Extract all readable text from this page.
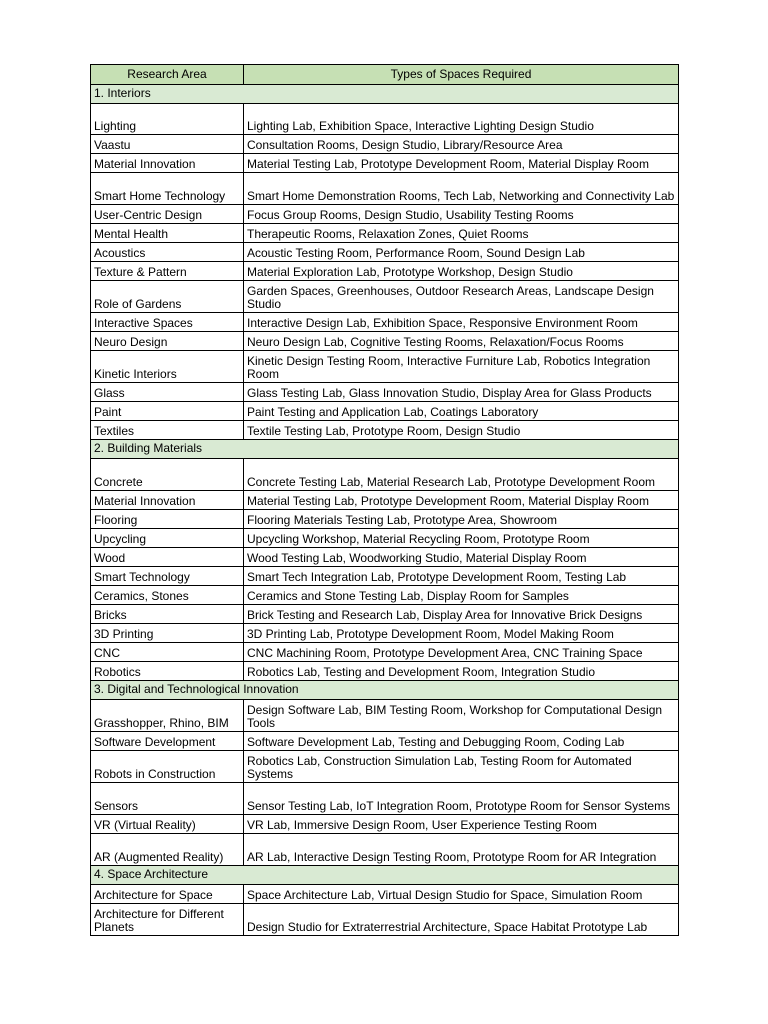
Research Area	Types of Spaces Required
1. Interiors	
Lighting	Lighting Lab, Exhibition Space, Interactive Lighting Design Studio
Vaastu	Consultation Rooms, Design Studio, Library/Resource Area
Material Innovation	Material Testing Lab, Prototype Development Room, Material Display Room
Smart Home Technology	Smart Home Demonstration Rooms, Tech Lab, Networking and Connectivity Lab
User-Centric Design	Focus Group Rooms, Design Studio, Usability Testing Rooms
Mental Health	Therapeutic Rooms, Relaxation Zones, Quiet Rooms
Acoustics	Acoustic Testing Room, Performance Room, Sound Design Lab
Texture & Pattern	Material Exploration Lab, Prototype Workshop, Design Studio
Role of Gardens	Garden Spaces, Greenhouses, Outdoor Research Areas, Landscape Design Studio
Interactive Spaces	Interactive Design Lab, Exhibition Space, Responsive Environment Room
Neuro Design	Neuro Design Lab, Cognitive Testing Rooms, Relaxation/Focus Rooms
Kinetic Interiors	Kinetic Design Testing Room, Interactive Furniture Lab, Robotics Integration Room
Glass	Glass Testing Lab, Glass Innovation Studio, Display Area for Glass Products
Paint	Paint Testing and Application Lab, Coatings Laboratory
Textiles	Textile Testing Lab, Prototype Room, Design Studio
2. Building Materials	
Concrete	Concrete Testing Lab, Material Research Lab, Prototype Development Room
Material Innovation	Material Testing Lab, Prototype Development Room, Material Display Room
Flooring	Flooring Materials Testing Lab, Prototype Area, Showroom
Upcycling	Upcycling Workshop, Material Recycling Room, Prototype Room
Wood	Wood Testing Lab, Woodworking Studio, Material Display Room
Smart Technology	Smart Tech Integration Lab, Prototype Development Room, Testing Lab
Ceramics, Stones	Ceramics and Stone Testing Lab, Display Room for Samples
Bricks	Brick Testing and Research Lab, Display Area for Innovative Brick Designs
3D Printing	3D Printing Lab, Prototype Development Room, Model Making Room
CNC	CNC Machining Room, Prototype Development Area, CNC Training Space
Robotics	Robotics Lab, Testing and Development Room, Integration Studio
3. Digital and Technological Innovation	
Grasshopper, Rhino, BIM	Design Software Lab, BIM Testing Room, Workshop for Computational Design Tools
Software Development	Software Development Lab, Testing and Debugging Room, Coding Lab
Robots in Construction	Robotics Lab, Construction Simulation Lab, Testing Room for Automated Systems
Sensors	Sensor Testing Lab, IoT Integration Room, Prototype Room for Sensor Systems
VR (Virtual Reality)	VR Lab, Immersive Design Room, User Experience Testing Room
AR (Augmented Reality)	AR Lab, Interactive Design Testing Room, Prototype Room for AR Integration
4. Space Architecture	
Architecture for Space	Space Architecture Lab, Virtual Design Studio for Space, Simulation Room
Architecture for Different Planets	Design Studio for Extraterrestrial Architecture, Space Habitat Prototype Lab
